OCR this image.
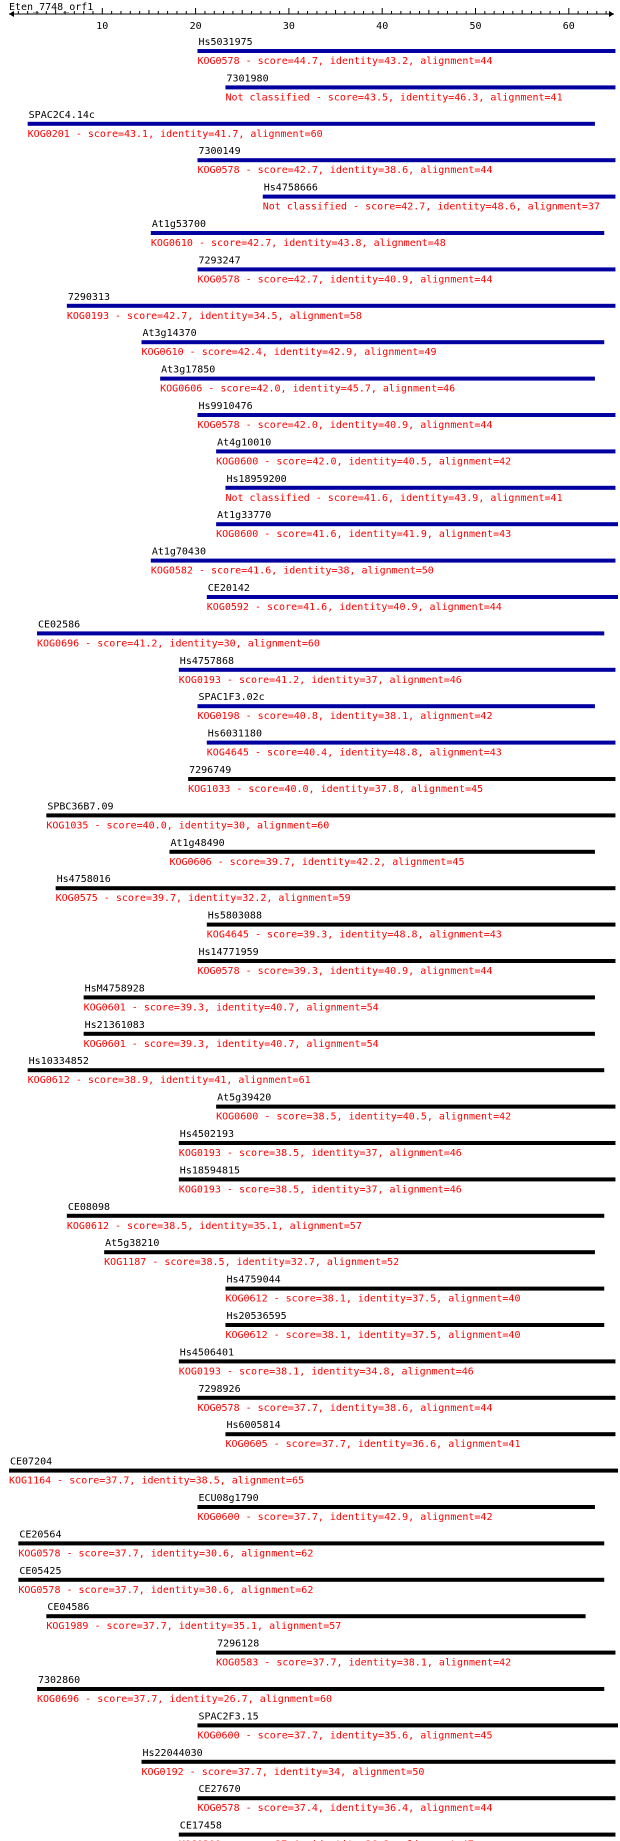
Eten_7748_orf1
10	20	30	40	50	60
Hs5031975
KOG0578 - score=44.7, identity=43.2, alignment=44
7301980
Not classified - score=43.5, identity=46.3, alignment=41
SPAC2C4.14c
KOG0201 - score=43.1, identity=41.7, alignment=60
7300149
KOG0578 - score=42.7, identity=38.6, alignment=44
Hs4758666
Not classified - score=42.7, identity=48.6, alignment=37
At1g53700
KOG0610 - score=42.7, identity=43.8, alignment=48
7293247
KOG0578 - score=42.7, identity=40.9, alignment=44
7290313
KOG0193 - score=42.7, identity=34.5, alignment=58
At3g14370
KOG0610 - score=42.4, identity=42.9, alignment=49
At3g17850
KOG0606 - score=42.0, identity=45.7, alignment=46
Hs9910476
KOG0578 - score=42.0, identity=40.9, alignment=44
At4g10010
KOG0600 - score=42.0, identity=40.5, alignment=42
Hs18959200
Not classified - score=41.6, identity=43.9, alignment=41
At1g33770
KOG0600 - score=41.6, identity=41.9, alignment=43
At1g70430
KOG0582 - score=41.6, identity=38, alignment=50
CE20142
KOG0592 - score=41.6, identity=40.9, alignment=44
CE02586
KOG0696 - score=41.2, identity=30, alignment=60
Hs4757868
KOG0193 - score=41.2, identity=37, alignment=46
SPAC1F3.02c
KOG0198 - score=40.8, identity=38.1, alignment=42
Hs6031180
KOG4645 - score=40.4, identity=48.8, alignment=43
7296749
KOG1033 - score=40.0, identity=37.8, alignment=45
SPBC36B7.09
KOG1035 - score=40.0, identity=30, alignment=60
At1g48490
KOG0606 - score=39.7, identity=42.2, alignment=45
Hs4758016
KOG0575 - score=39.7, identity=32.2, alignment=59
Hs5803088
KOG4645 - score=39.3, identity=48.8, alignment=43
Hs14771959
KOG0578 - score=39.3, identity=40.9, alignment=44
HsM4758928
KOG0601 - score=39.3, identity=40.7, alignment=54
Hs21361083
KOG0601 - score=39.3, identity=40.7, alignment=54
Hs10334852
KOG0612 - score=38.9, identity=41, alignment=61
At5g39420
KOG0600 - score=38.5, identity=40.5, alignment=42
Hs4502193
KOG0193 - score=38.5, identity=37, alignment=46
Hs18594815
KOG0193 - score=38.5, identity=37, alignment=46
CE08098
KOG0612 - score=38.5, identity=35.1, alignment=57
At5g38210
KOG1187 - score=38.5, identity=32.7, alignment=52
Hs4759044
KOG0612 - score=38.1, identity=37.5, alignment=40
Hs20536595
KOG0612 - score=38.1, identity=37.5, alignment=40
Hs4506401
KOG0193 - score=38.1, identity=34.8, alignment=46
7298926
KOG0578 - score=37.7, identity=38.6, alignment=44
Hs6005814
KOG0605 - score=37.7, identity=36.6, alignment=41
CE07204
KOG1164 - score=37.7, identity=38.5, alignment=65
ECU08g1790
KOG0600 - score=37.7, identity=42.9, alignment=42
CE20564
KOG0578 - score=37.7, identity=30.6, alignment=62
CE05425
KOG0578 - score=37.7, identity=30.6, alignment=62
CE04586
KOG1989 - score=37.7, identity=35.1, alignment=57
7296128
KOG0583 - score=37.7, identity=38.1, alignment=42
7302860
KOG0696 - score=37.7, identity=26.7, alignment=60
SPAC2F3.15
KOG0600 - score=37.7, identity=35.6, alignment=45
Hs22044030
KOG0192 - score=37.7, identity=34, alignment=50
CE27670
KOG0578 - score=37.4, identity=36.4, alignment=44
CE17458
